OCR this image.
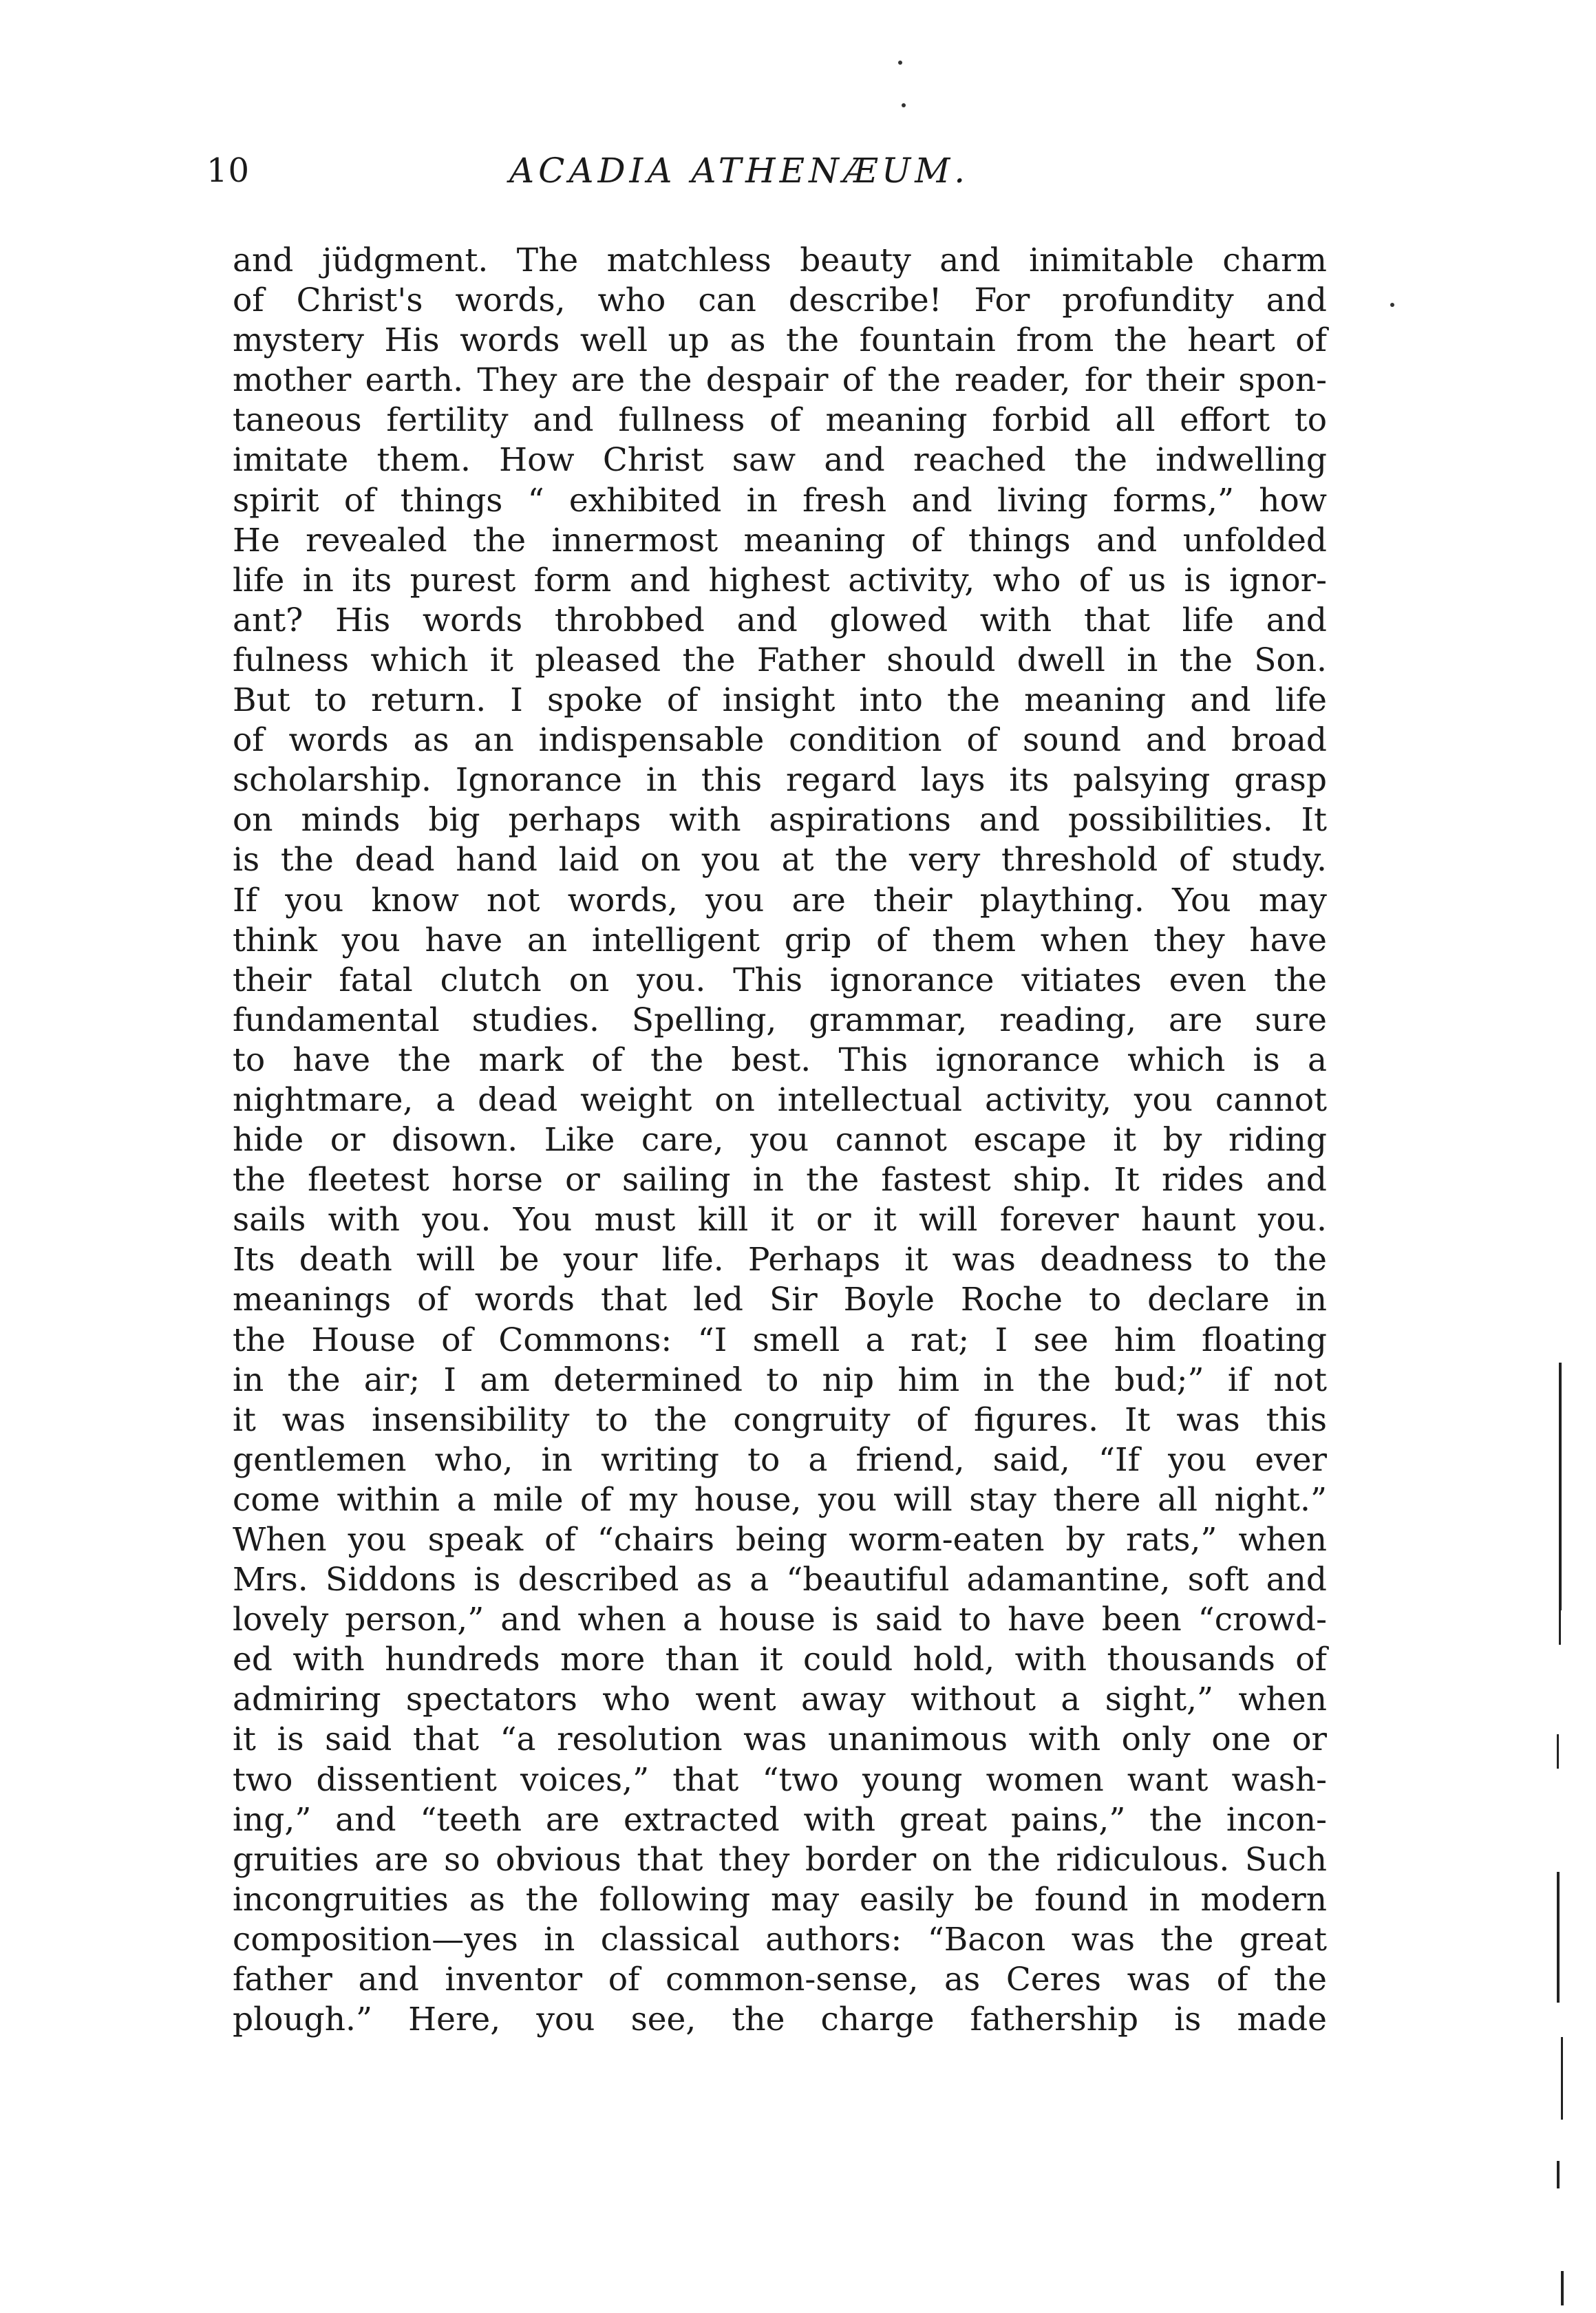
10	ACADIA ATHENÆUM.
and jüdgment. The matchless beauty and inimitable charm
of Christ's words, who can describe! For profundity and
mystery His words well up as the fountain from the heart of
mother earth. They are the despair of the reader, for their spon-
taneous fertility and fullness of meaning forbid all effort to
imitate them. How Christ saw and reached the indwelling
spirit of things “ exhibited in fresh and living forms,” how
He revealed the innermost meaning of things and unfolded
life in its purest form and highest activity, who of us is ignor-
ant? His words throbbed and glowed with that life and
fulness which it pleased the Father should dwell in the Son.
But to return. I spoke of insight into the meaning and life
of words as an indispensable condition of sound and broad
scholarship. Ignorance in this regard lays its palsying grasp
on minds big perhaps with aspirations and possibilities. It
is the dead hand laid on you at the very threshold of study.
If you know not words, you are their plaything. You may
think you have an intelligent grip of them when they have
their fatal clutch on you. This ignorance vitiates even the
fundamental studies. Spelling, grammar, reading, are sure
to have the mark of the best. This ignorance which is a
nightmare, a dead weight on intellectual activity, you cannot
hide or disown. Like care, you cannot escape it by riding
the fleetest horse or sailing in the fastest ship. It rides and
sails with you. You must kill it or it will forever haunt you.
Its death will be your life. Perhaps it was deadness to the
meanings of words that led Sir Boyle Roche to declare in
the House of Commons: “I smell a rat; I see him floating
in the air; I am determined to nip him in the bud;” if not
it was insensibility to the congruity of figures. It was this
gentlemen who, in writing to a friend, said, “If you ever
come within a mile of my house, you will stay there all night.”
When you speak of “chairs being worm-eaten by rats,” when
Mrs. Siddons is described as a “beautiful adamantine, soft and
lovely person,” and when a house is said to have been “crowd-
ed with hundreds more than it could hold, with thousands of
admiring spectators who went away without a sight,” when
it is said that “a resolution was unanimous with only one or
two dissentient voices,” that “two young women want wash-
ing,” and “teeth are extracted with great pains,” the incon-
gruities are so obvious that they border on the ridiculous. Such
incongruities as the following may easily be found in modern
composition—yes in classical authors: “Bacon was the great
father and inventor of common-sense, as Ceres was of the
plough.” Here, you see, the charge fathership is made
